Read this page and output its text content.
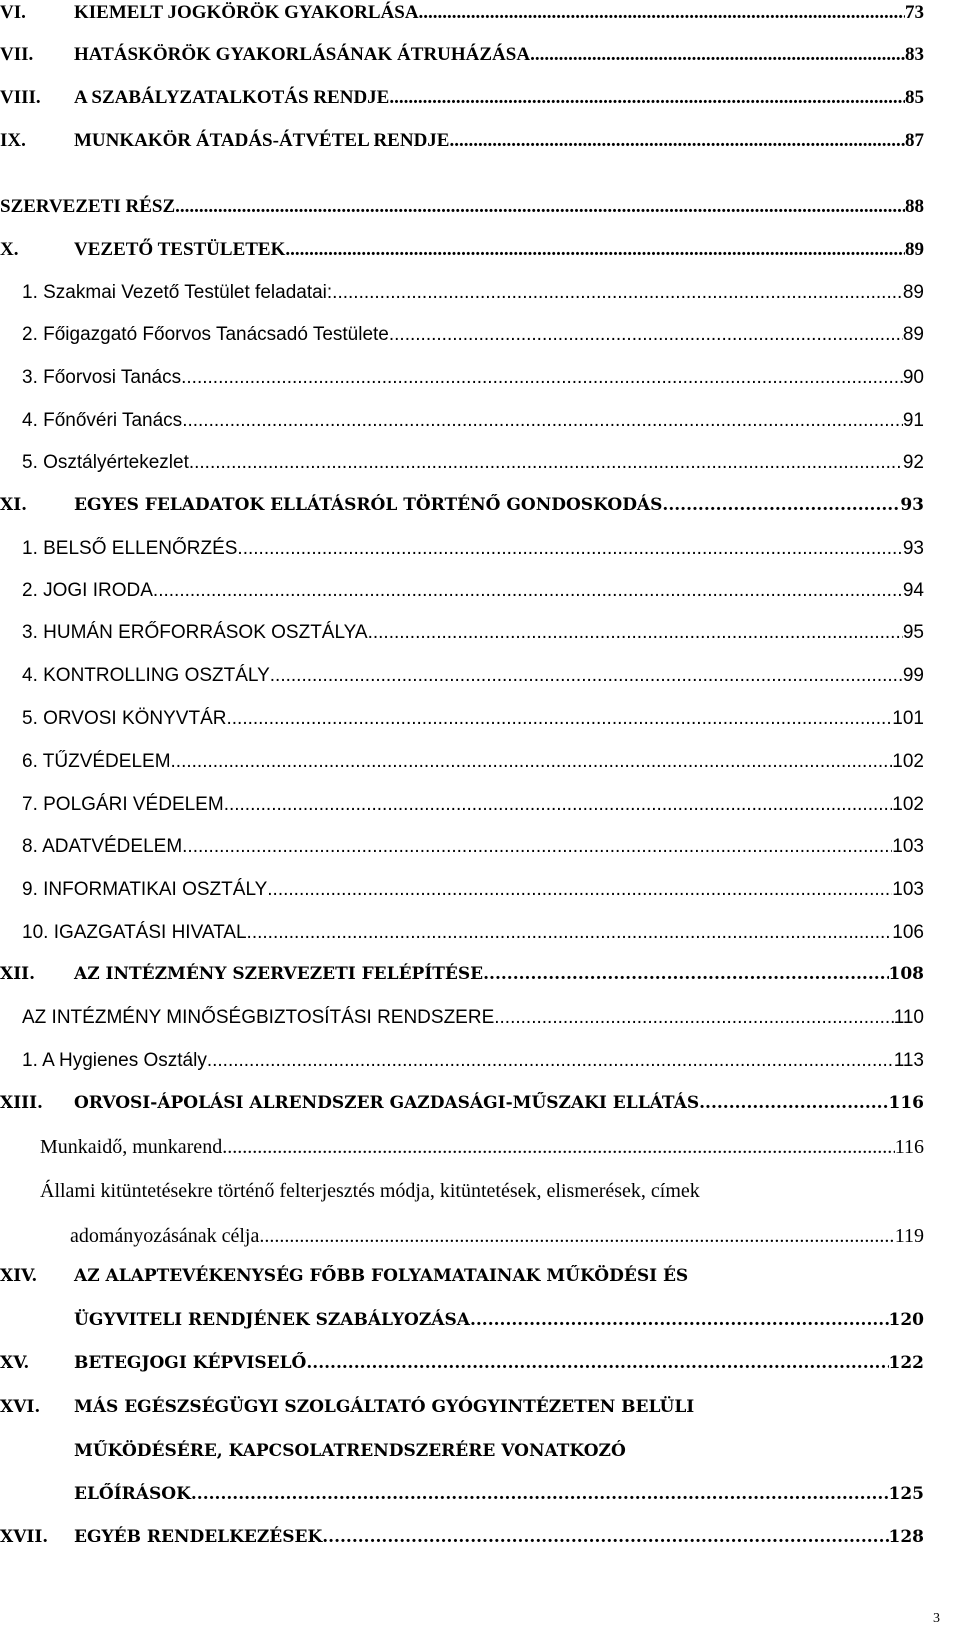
VI.	KIEMELT JOGKÖRÖK GYAKORLÁSA .....	73
VII.	HATÁSKÖRÖK GYAKORLÁSÁNAK ÁTRUHÁZÁSA .....	83
VIII.	A SZABÁLYZATALKOTÁS RENDJE .....	85
IX.	MUNKAKÖR ÁTADÁS-ÁTVÉTEL RENDJE .....	87
SZERVEZETI RÉSZ .....	88
X.	VEZETŐ TESTÜLETEK .....	89
1. Szakmai Vezető Testület feladatai: .....	89
2. Főigazgató Főorvos Tanácsadó Testülete .....	89
3. Főorvosi Tanács .....	90
4. Főnővéri Tanács .....	91
5. Osztályértekezlet .....	92
XI.	EGYES FELADATOK ELLÁTÁSRÓL TÖRTÉNŐ GONDOSKODÁS .....	93
1. BELSŐ ELLENŐRZÉS .....	93
2. JOGI IRODA .....	94
3. HUMÁN ERŐFORRÁSOK OSZTÁLYA .....	95
4. KONTROLLING OSZTÁLY .....	99
5. ORVOSI KÖNYVTÁR .....	101
6. TŰZVÉDELEM .....	102
7. POLGÁRI VÉDELEM .....	102
8. ADATVÉDELEM .....	103
9. INFORMATIKAI OSZTÁLY .....	103
10. IGAZGATÁSI HIVATAL .....	106
XII.	AZ INTÉZMÉNY SZERVEZETI FELÉPÍTÉSE .....	108
AZ INTÉZMÉNY MINŐSÉGBIZTOSÍTÁSI RENDSZERE .....	110
1. A Hygienes Osztály .....	113
XIII.	ORVOSI-ÁPOLÁSI ALRENDSZER GAZDASÁGI-MŰSZAKI ELLÁTÁS .....	116
Munkaidő, munkarend .....	116
Állami kitüntetésekre történő felterjesztés módja, kitüntetések, elismerések, címek
adományozásának célja .....	119
XIV. AZ ALAPTEVÉKENYSÉG FŐBB FOLYAMATAINAK MŰKÖDÉSI ÉS
ÜGYVITELI RENDJÉNEK SZABÁLYOZÁSA .....	120
XV.	BETEGJOGI KÉPVISELŐ .....	122
XVI. MÁS EGÉSZSÉGÜGYI SZOLGÁLTATÓ GYÓGYINTÉZETEN BELÜLI
MŰKÖDÉSÉRE, KAPCSOLATRENDSZERÉRE VONATKOZÓ
ELŐÍRÁSOK .....	125
XVII.	EGYÉB RENDELKEZÉSEK .....	128
3
